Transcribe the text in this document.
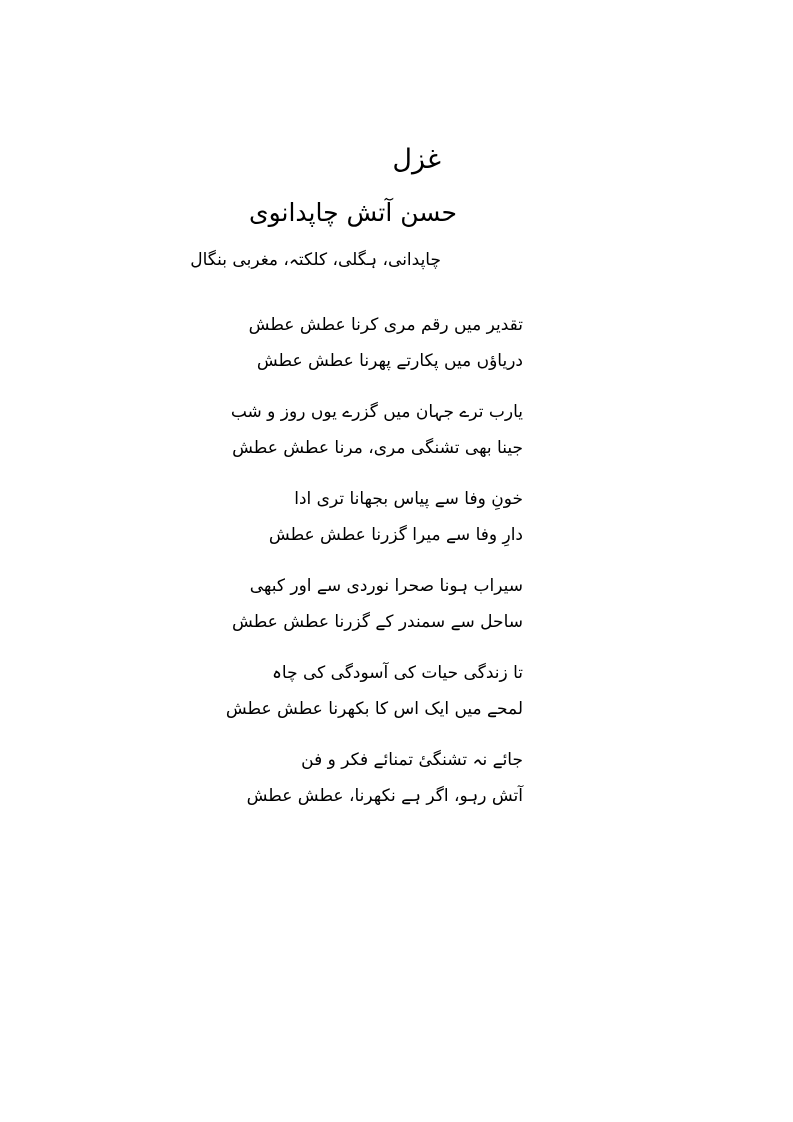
غزل
حسن آتش چاپدانوی
چاپدانی، ہگلی، کلکتہ، مغربی بنگال
تقدیر میں رقم مری کرنا عطش عطش
دریاؤں میں پکارتے پھرنا عطش عطش
یارب ترے جہان میں گزرے یوں روز و شب
جینا بھی تشنگی مری، مرنا عطش عطش
خونِ وفا سے پیاس بجھانا تری ادا
دارِ وفا سے میرا گزرنا عطش عطش
سیراب ہونا صحرا نوردی سے اور کبھی
ساحل سے سمندر کے گزرنا عطش عطش
تا زندگی حیات کی آسودگی کی چاہ
لمحے میں ایک اس کا بکھرنا عطش عطش
جائے نہ تشنگیٔ تمنائے فکر و فن
آتش رہو، اگر ہے نکھرنا، عطش عطش
